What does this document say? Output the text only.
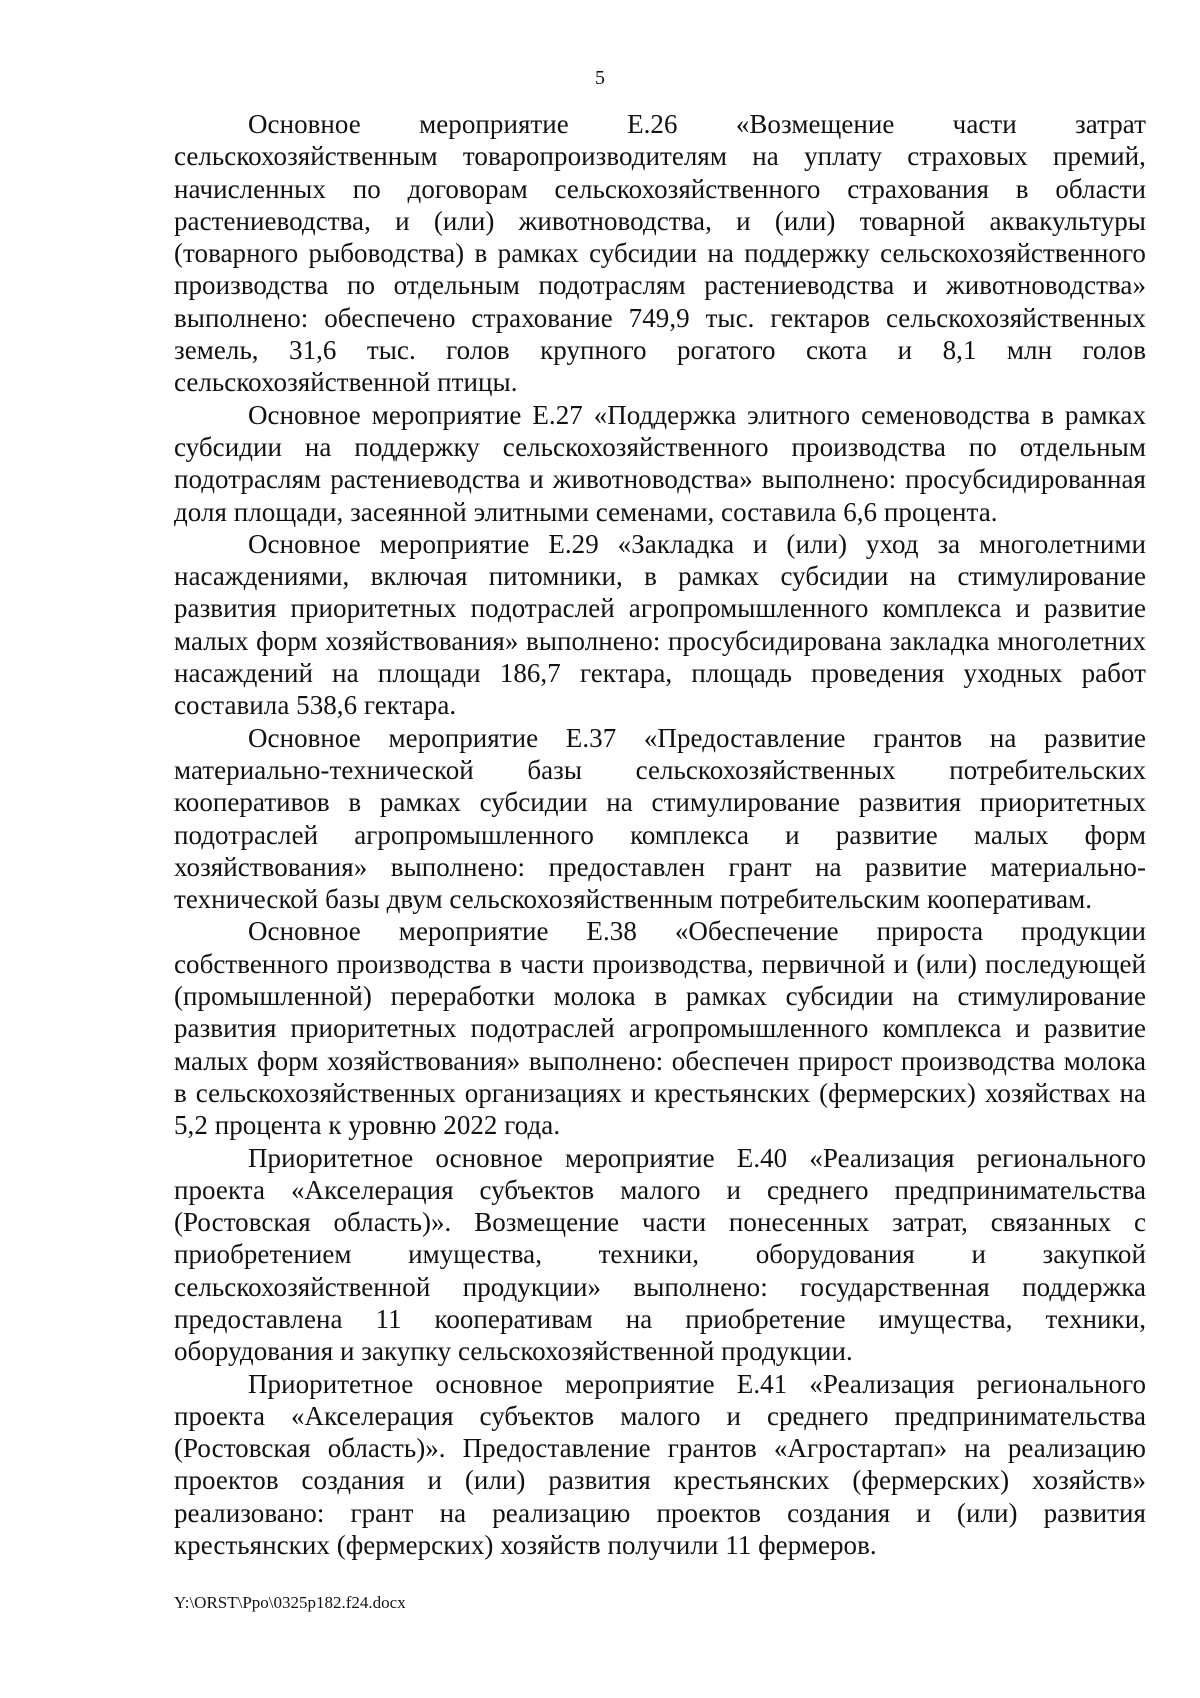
5

Основное мероприятие Е.26 «Возмещение части затрат сельскохозяйственным товаропроизводителям на уплату страховых премий, начисленных по договорам сельскохозяйственного страхования в области растениеводства, и (или) животноводства, и (или) товарной аквакультуры (товарного рыбоводства) в рамках субсидии на поддержку сельскохозяйственного производства по отдельным подотраслям растениеводства и животноводства» выполнено: обеспечено страхование 749,9 тыс. гектаров сельскохозяйственных земель, 31,6 тыс. голов крупного рогатого скота и 8,1 млн голов сельскохозяйственной птицы.

Основное мероприятие Е.27 «Поддержка элитного семеноводства в рамках субсидии на поддержку сельскохозяйственного производства по отдельным подотраслям растениеводства и животноводства» выполнено: просубсидированная доля площади, засеянной элитными семенами, составила 6,6 процента.

Основное мероприятие Е.29 «Закладка и (или) уход за многолетними насаждениями, включая питомники, в рамках субсидии на стимулирование развития приоритетных подотраслей агропромышленного комплекса и развитие малых форм хозяйствования» выполнено: просубсидирована закладка многолетних насаждений на площади 186,7 гектара, площадь проведения уходных работ составила 538,6 гектара.

Основное мероприятие Е.37 «Предоставление грантов на развитие материально-технической базы сельскохозяйственных потребительских кооперативов в рамках субсидии на стимулирование развития приоритетных подотраслей агропромышленного комплекса и развитие малых форм хозяйствования» выполнено: предоставлен грант на развитие материально-технической базы двум сельскохозяйственным потребительским кооперативам.

Основное мероприятие Е.38 «Обеспечение прироста продукции собственного производства в части производства, первичной и (или) последующей (промышленной) переработки молока в рамках субсидии на стимулирование развития приоритетных подотраслей агропромышленного комплекса и развитие малых форм хозяйствования» выполнено: обеспечен прирост производства молока в сельскохозяйственных организациях и крестьянских (фермерских) хозяйствах на 5,2 процента к уровню 2022 года.

Приоритетное основное мероприятие Е.40 «Реализация регионального проекта «Акселерация субъектов малого и среднего предпринимательства (Ростовская область)». Возмещение части понесенных затрат, связанных с приобретением имущества, техники, оборудования и закупкой сельскохозяйственной продукции» выполнено: государственная поддержка предоставлена 11 кооперативам на приобретение имущества, техники, оборудования и закупку сельскохозяйственной продукции.

Приоритетное основное мероприятие Е.41 «Реализация регионального проекта «Акселерация субъектов малого и среднего предпринимательства (Ростовская область)». Предоставление грантов «Агростартап» на реализацию проектов создания и (или) развития крестьянских (фермерских) хозяйств» реализовано: грант на реализацию проектов создания и (или) развития крестьянских (фермерских) хозяйств получили 11 фермеров.

Y:\ORST\Ppo\0325p182.f24.docx
